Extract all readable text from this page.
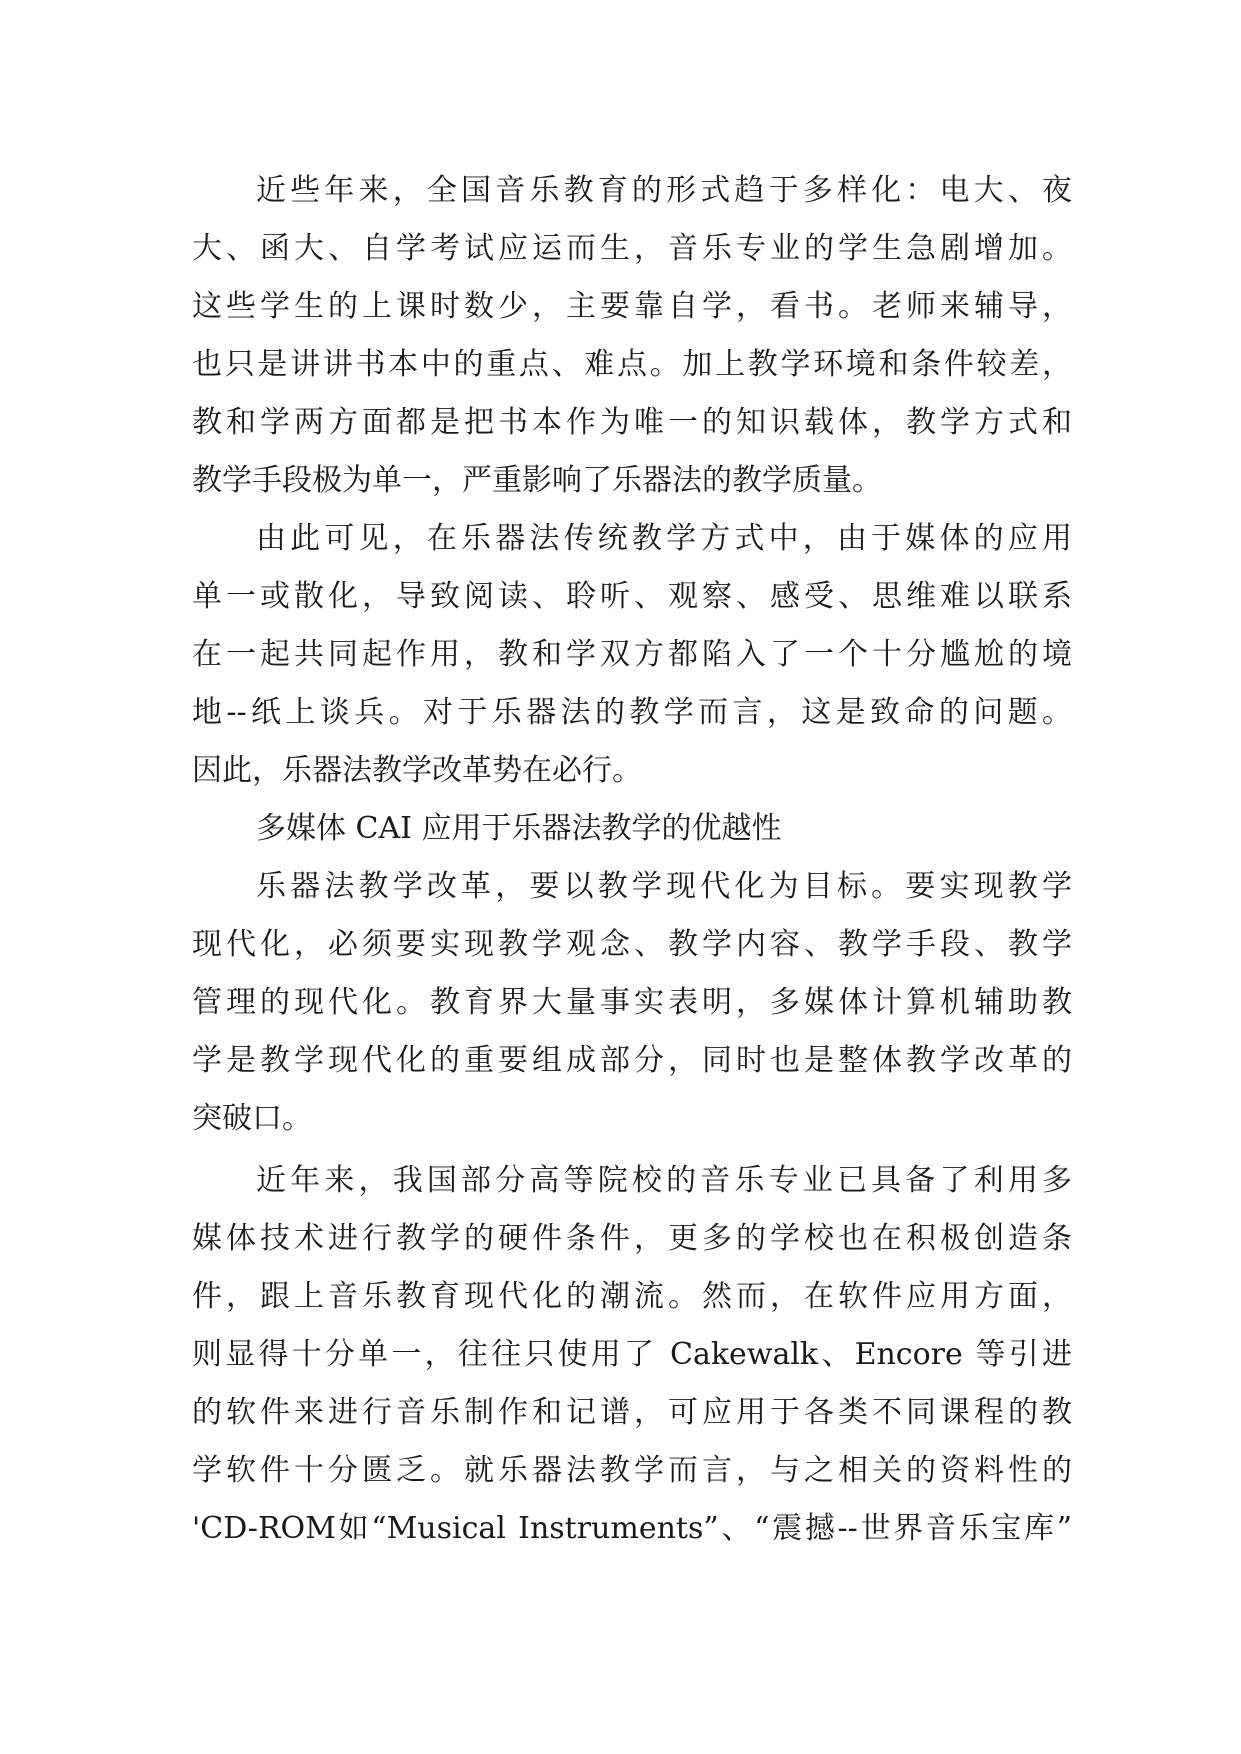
近些年来，全国音乐教育的形式趋于多样化：电大、夜
大、函大、自学考试应运而生，音乐专业的学生急剧增加。
这些学生的上课时数少，主要靠自学，看书。老师来辅导，
也只是讲讲书本中的重点、难点。加上教学环境和条件较差，
教和学两方面都是把书本作为唯一的知识载体，教学方式和
教学手段极为单一，严重影响了乐器法的教学质量。
由此可见，在乐器法传统教学方式中，由于媒体的应用
单一或散化，导致阅读、聆听、观察、感受、思维难以联系
在一起共同起作用，教和学双方都陷入了一个十分尴尬的境
地--纸上谈兵。对于乐器法的教学而言，这是致命的问题。
因此，乐器法教学改革势在必行。
多媒体 CAI 应用于乐器法教学的优越性
乐器法教学改革，要以教学现代化为目标。要实现教学
现代化，必须要实现教学观念、教学内容、教学手段、教学
管理的现代化。教育界大量事实表明，多媒体计算机辅助教
学是教学现代化的重要组成部分，同时也是整体教学改革的
突破口。
近年来，我国部分高等院校的音乐专业已具备了利用多
媒体技术进行教学的硬件条件，更多的学校也在积极创造条
件，跟上音乐教育现代化的潮流。然而，在软件应用方面，
则显得十分单一，往往只使用了 Cakewalk、Encore 等引进
的软件来进行音乐制作和记谱，可应用于各类不同课程的教
学软件十分匮乏。就乐器法教学而言，与之相关的资料性的
'CD-ROM如“Musical Instruments”、“震撼--世界音乐宝库”
